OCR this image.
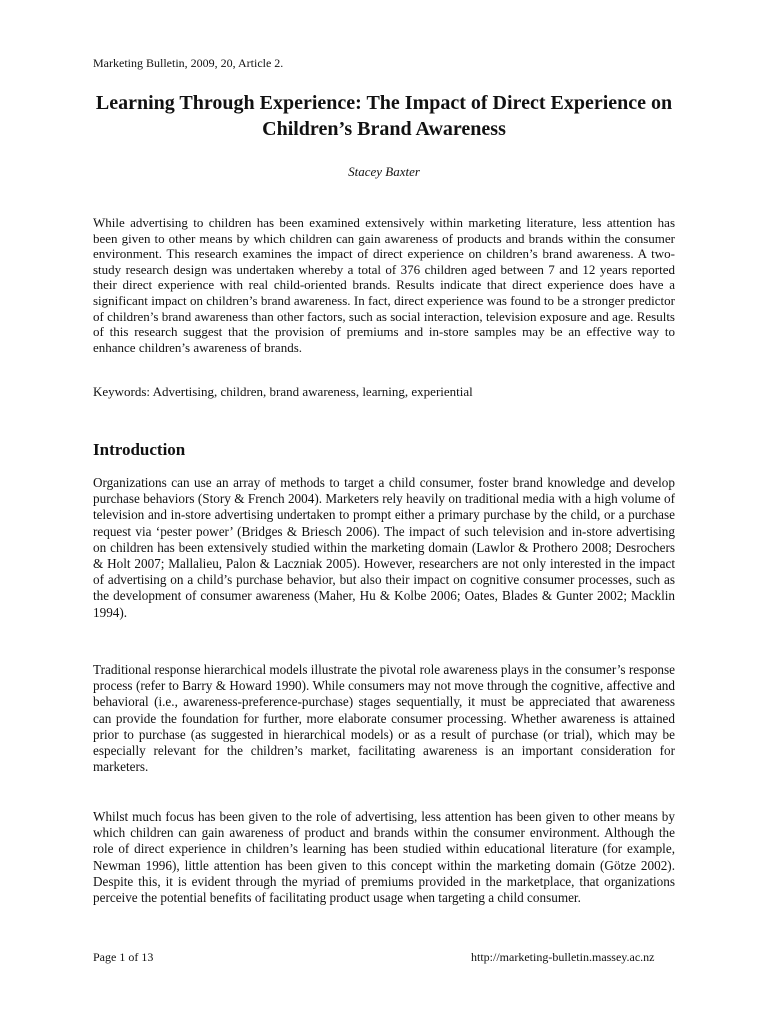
Marketing Bulletin, 2009, 20, Article 2.
Learning Through Experience: The Impact of Direct Experience on Children’s Brand Awareness
Stacey Baxter

While advertising to children has been examined extensively within marketing literature, less attention has been given to other means by which children can gain awareness of products and brands within the consumer environment. This research examines the impact of direct experience on children’s brand awareness. A two-study research design was undertaken whereby a total of 376 children aged between 7 and 12 years reported their direct experience with real child-oriented brands. Results indicate that direct experience does have a significant impact on children’s brand awareness. In fact, direct experience was found to be a stronger predictor of children’s brand awareness than other factors, such as social interaction, television exposure and age. Results of this research suggest that the provision of premiums and in-store samples may be an effective way to enhance children’s awareness of brands.

Keywords: Advertising, children, brand awareness, learning, experiential

Introduction

Organizations can use an array of methods to target a child consumer, foster brand knowledge and develop purchase behaviors (Story & French 2004). Marketers rely heavily on traditional media with a high volume of television and in-store advertising undertaken to prompt either a primary purchase by the child, or a purchase request via ‘pester power’ (Bridges & Briesch 2006). The impact of such television and in-store advertising on children has been extensively studied within the marketing domain (Lawlor & Prothero 2008; Desrochers & Holt 2007; Mallalieu, Palon & Laczniak 2005). However, researchers are not only interested in the impact of advertising on a child’s purchase behavior, but also their impact on cognitive consumer processes, such as the development of consumer awareness (Maher, Hu & Kolbe 2006; Oates, Blades & Gunter 2002; Macklin 1994).

Traditional response hierarchical models illustrate the pivotal role awareness plays in the consumer’s response process (refer to Barry & Howard 1990). While consumers may not move through the cognitive, affective and behavioral (i.e., awareness-preference-purchase) stages sequentially, it must be appreciated that awareness can provide the foundation for further, more elaborate consumer processing. Whether awareness is attained prior to purchase (as suggested in hierarchical models) or as a result of purchase (or trial), which may be especially relevant for the children’s market, facilitating awareness is an important consideration for marketers.

Whilst much focus has been given to the role of advertising, less attention has been given to other means by which children can gain awareness of product and brands within the consumer environment. Although the role of direct experience in children’s learning has been studied within educational literature (for example, Newman 1996), little attention has been given to this concept within the marketing domain (Götze 2002). Despite this, it is evident through the myriad of premiums provided in the marketplace, that organizations perceive the potential benefits of facilitating product usage when targeting a child consumer.

Page 1 of 13	http://marketing-bulletin.massey.ac.nz
